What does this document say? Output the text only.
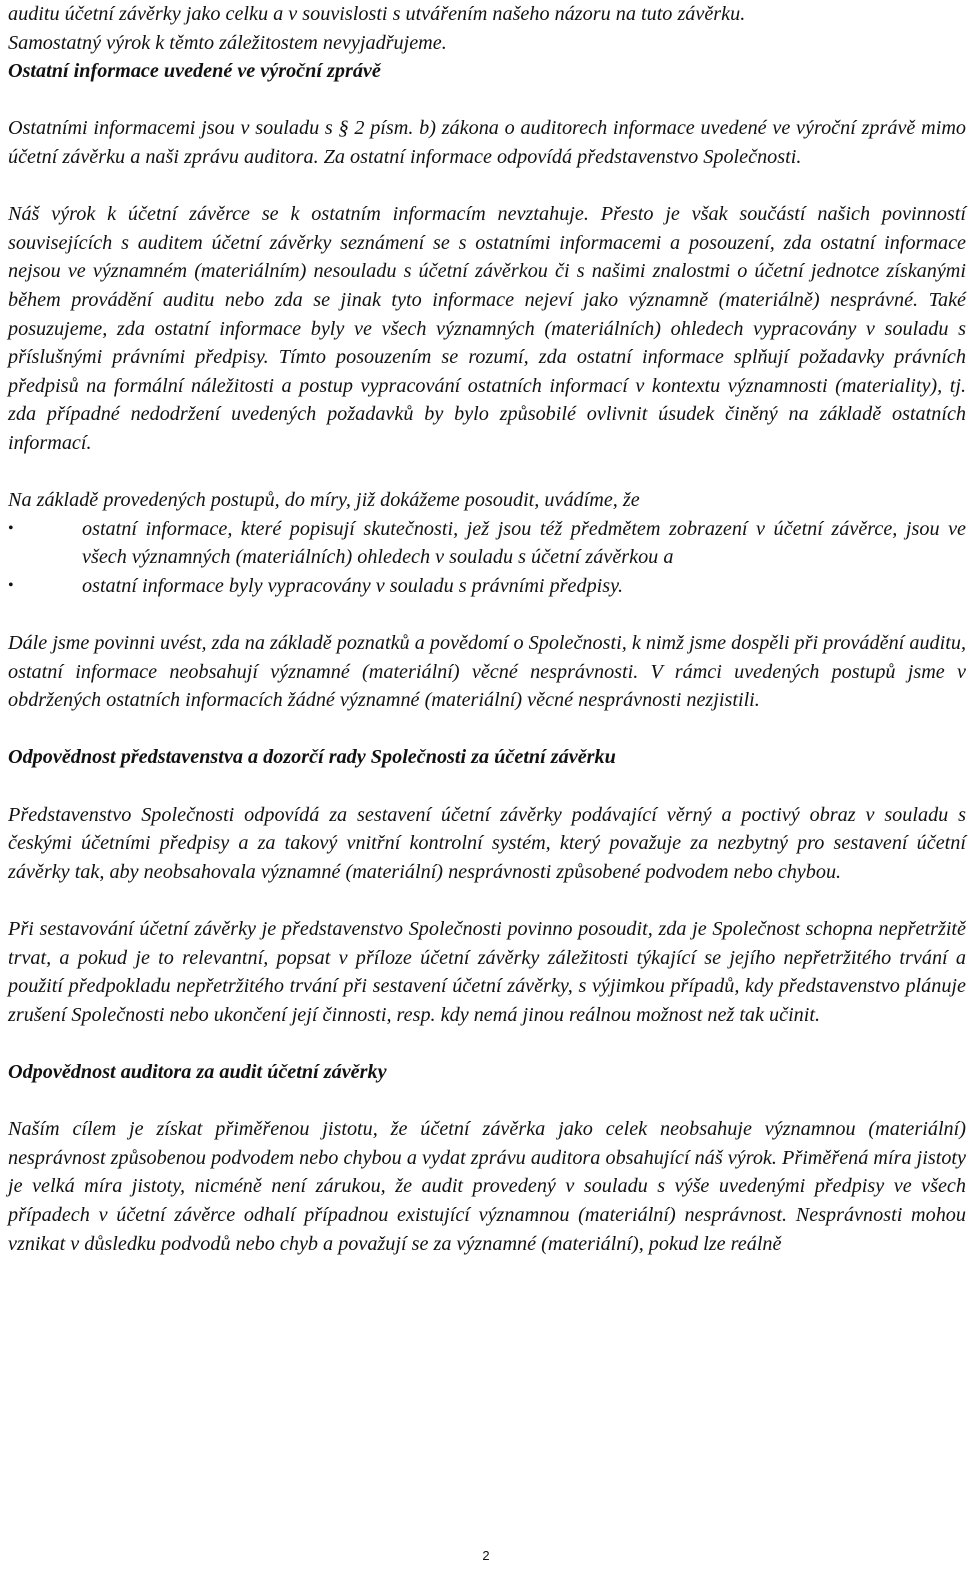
auditu účetní závěrky jako celku a v souvislosti s utvářením našeho názoru na tuto závěrku.

Samostatný výrok k těmto záležitostem nevyjadřujeme.

Ostatní informace uvedené ve výroční zprávě

Ostatními informacemi jsou v souladu s § 2 písm. b) zákona o auditorech informace uvedené ve výroční zprávě mimo účetní závěrku a naši zprávu auditora. Za ostatní informace odpovídá představenstvo Společnosti.

Náš výrok k účetní závěrce se k ostatním informacím nevztahuje. Přesto je však součástí našich povinností souvisejících s auditem účetní závěrky seznámení se s ostatními informacemi a posouzení, zda ostatní informace nejsou ve významném (materiálním) nesouladu s účetní závěrkou či s našimi znalostmi o účetní jednotce získanými během provádění auditu nebo zda se jinak tyto informace nejeví jako významně (materiálně) nesprávné. Také posuzujeme, zda ostatní informace byly ve všech významných (materiálních) ohledech vypracovány v souladu s příslušnými právními předpisy. Tímto posouzením se rozumí, zda ostatní informace splňují požadavky právních předpisů na formální náležitosti a postup vypracování ostatních informací v kontextu významnosti (materiality), tj. zda případné nedodržení uvedených požadavků by bylo způsobilé ovlivnit úsudek činěný na základě ostatních informací.

Na základě provedených postupů, do míry, již dokážeme posoudit, uvádíme, že

•	ostatní informace, které popisují skutečnosti, jež jsou též předmětem zobrazení v účetní závěrce, jsou ve všech významných (materiálních) ohledech v souladu s účetní závěrkou a
•	ostatní informace byly vypracovány v souladu s právními předpisy.

Dále jsme povinni uvést, zda na základě poznatků a povědomí o Společnosti, k nimž jsme dospěli při provádění auditu, ostatní informace neobsahují významné (materiální) věcné nesprávnosti. V rámci uvedených postupů jsme v obdržených ostatních informacích žádné významné (materiální) věcné nesprávnosti nezjistili.

Odpovědnost představenstva a dozorčí rady Společnosti za účetní závěrku

Představenstvo Společnosti odpovídá za sestavení účetní závěrky podávající věrný a poctivý obraz v souladu s českými účetními předpisy a za takový vnitřní kontrolní systém, který považuje za nezbytný pro sestavení účetní závěrky tak, aby neobsahovala významné (materiální) nesprávnosti způsobené podvodem nebo chybou.

Při sestavování účetní závěrky je představenstvo Společnosti povinno posoudit, zda je Společnost schopna nepřetržitě trvat, a pokud je to relevantní, popsat v příloze účetní závěrky záležitosti týkající se jejího nepřetržitého trvání a použití předpokladu nepřetržitého trvání při sestavení účetní závěrky, s výjimkou případů, kdy představenstvo plánuje zrušení Společnosti nebo ukončení její činnosti, resp. kdy nemá jinou reálnou možnost než tak učinit.

Odpovědnost auditora za audit účetní závěrky

Naším cílem je získat přiměřenou jistotu, že účetní závěrka jako celek neobsahuje významnou (materiální) nesprávnost způsobenou podvodem nebo chybou a vydat zprávu auditora obsahující náš výrok. Přiměřená míra jistoty je velká míra jistoty, nicméně není zárukou, že audit provedený v souladu s výše uvedenými předpisy ve všech případech v účetní závěrce odhalí případnou existující významnou (materiální) nesprávnost. Nesprávnosti mohou vznikat v důsledku podvodů nebo chyb a považují se za významné (materiální), pokud lze reálně

2
